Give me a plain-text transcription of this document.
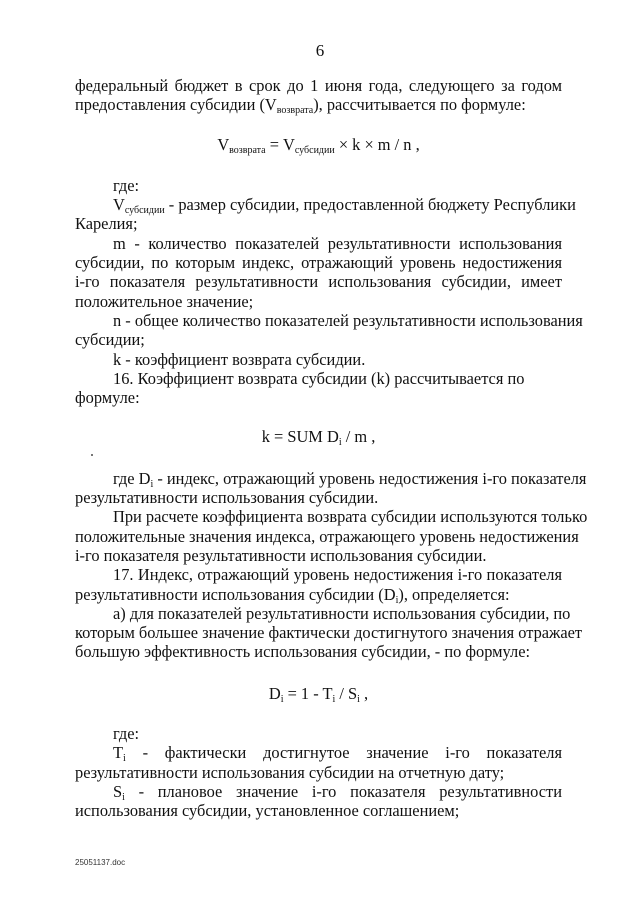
6

федеральный бюджет в срок до 1 июня года, следующего за годом

предоставления субсидии $(V_{возврата})$, рассчитывается по формуле:

$V_{возврата} = V_{субсидии} \times k \times m / n$ ,

где:

$V_{субсидии}$ - размер субсидии, предоставленной бюджету Республики

Карелия;

m - количество показателей результативности использования

субсидии, по которым индекс, отражающий уровень недостижения

i-го показателя результативности использования субсидии, имеет

положительное значение;

n - общее количество показателей результативности использования

субсидии;

k - коэффициент возврата субсидии.

16. Коэффициент возврата субсидии (k) рассчитывается по формуле:

k = SUM $D_i$ / m ,

где $D_i$ - индекс, отражающий уровень недостижения i-го показателя

результативности использования субсидии.

При расчете коэффициента возврата субсидии используются только

положительные значения индекса, отражающего уровень недостижения

i-го показателя результативности использования субсидии.

17. Индекс, отражающий уровень недостижения i-го показателя

результативности использования субсидии $(D_i)$, определяется:

а) для показателей результативности использования субсидии, по

которым большее значение фактически достигнутого значения отражает

большую эффективность использования субсидии, - по формуле:

$D_i = 1 - T_i / S_i$ ,

где:

$T_i$ - фактически достигнутое значение i-го показателя

результативности использования субсидии на отчетную дату;

$S_i$ - плановое значение i-го показателя результативности

использования субсидии, установленное соглашением;

25051137.doc
